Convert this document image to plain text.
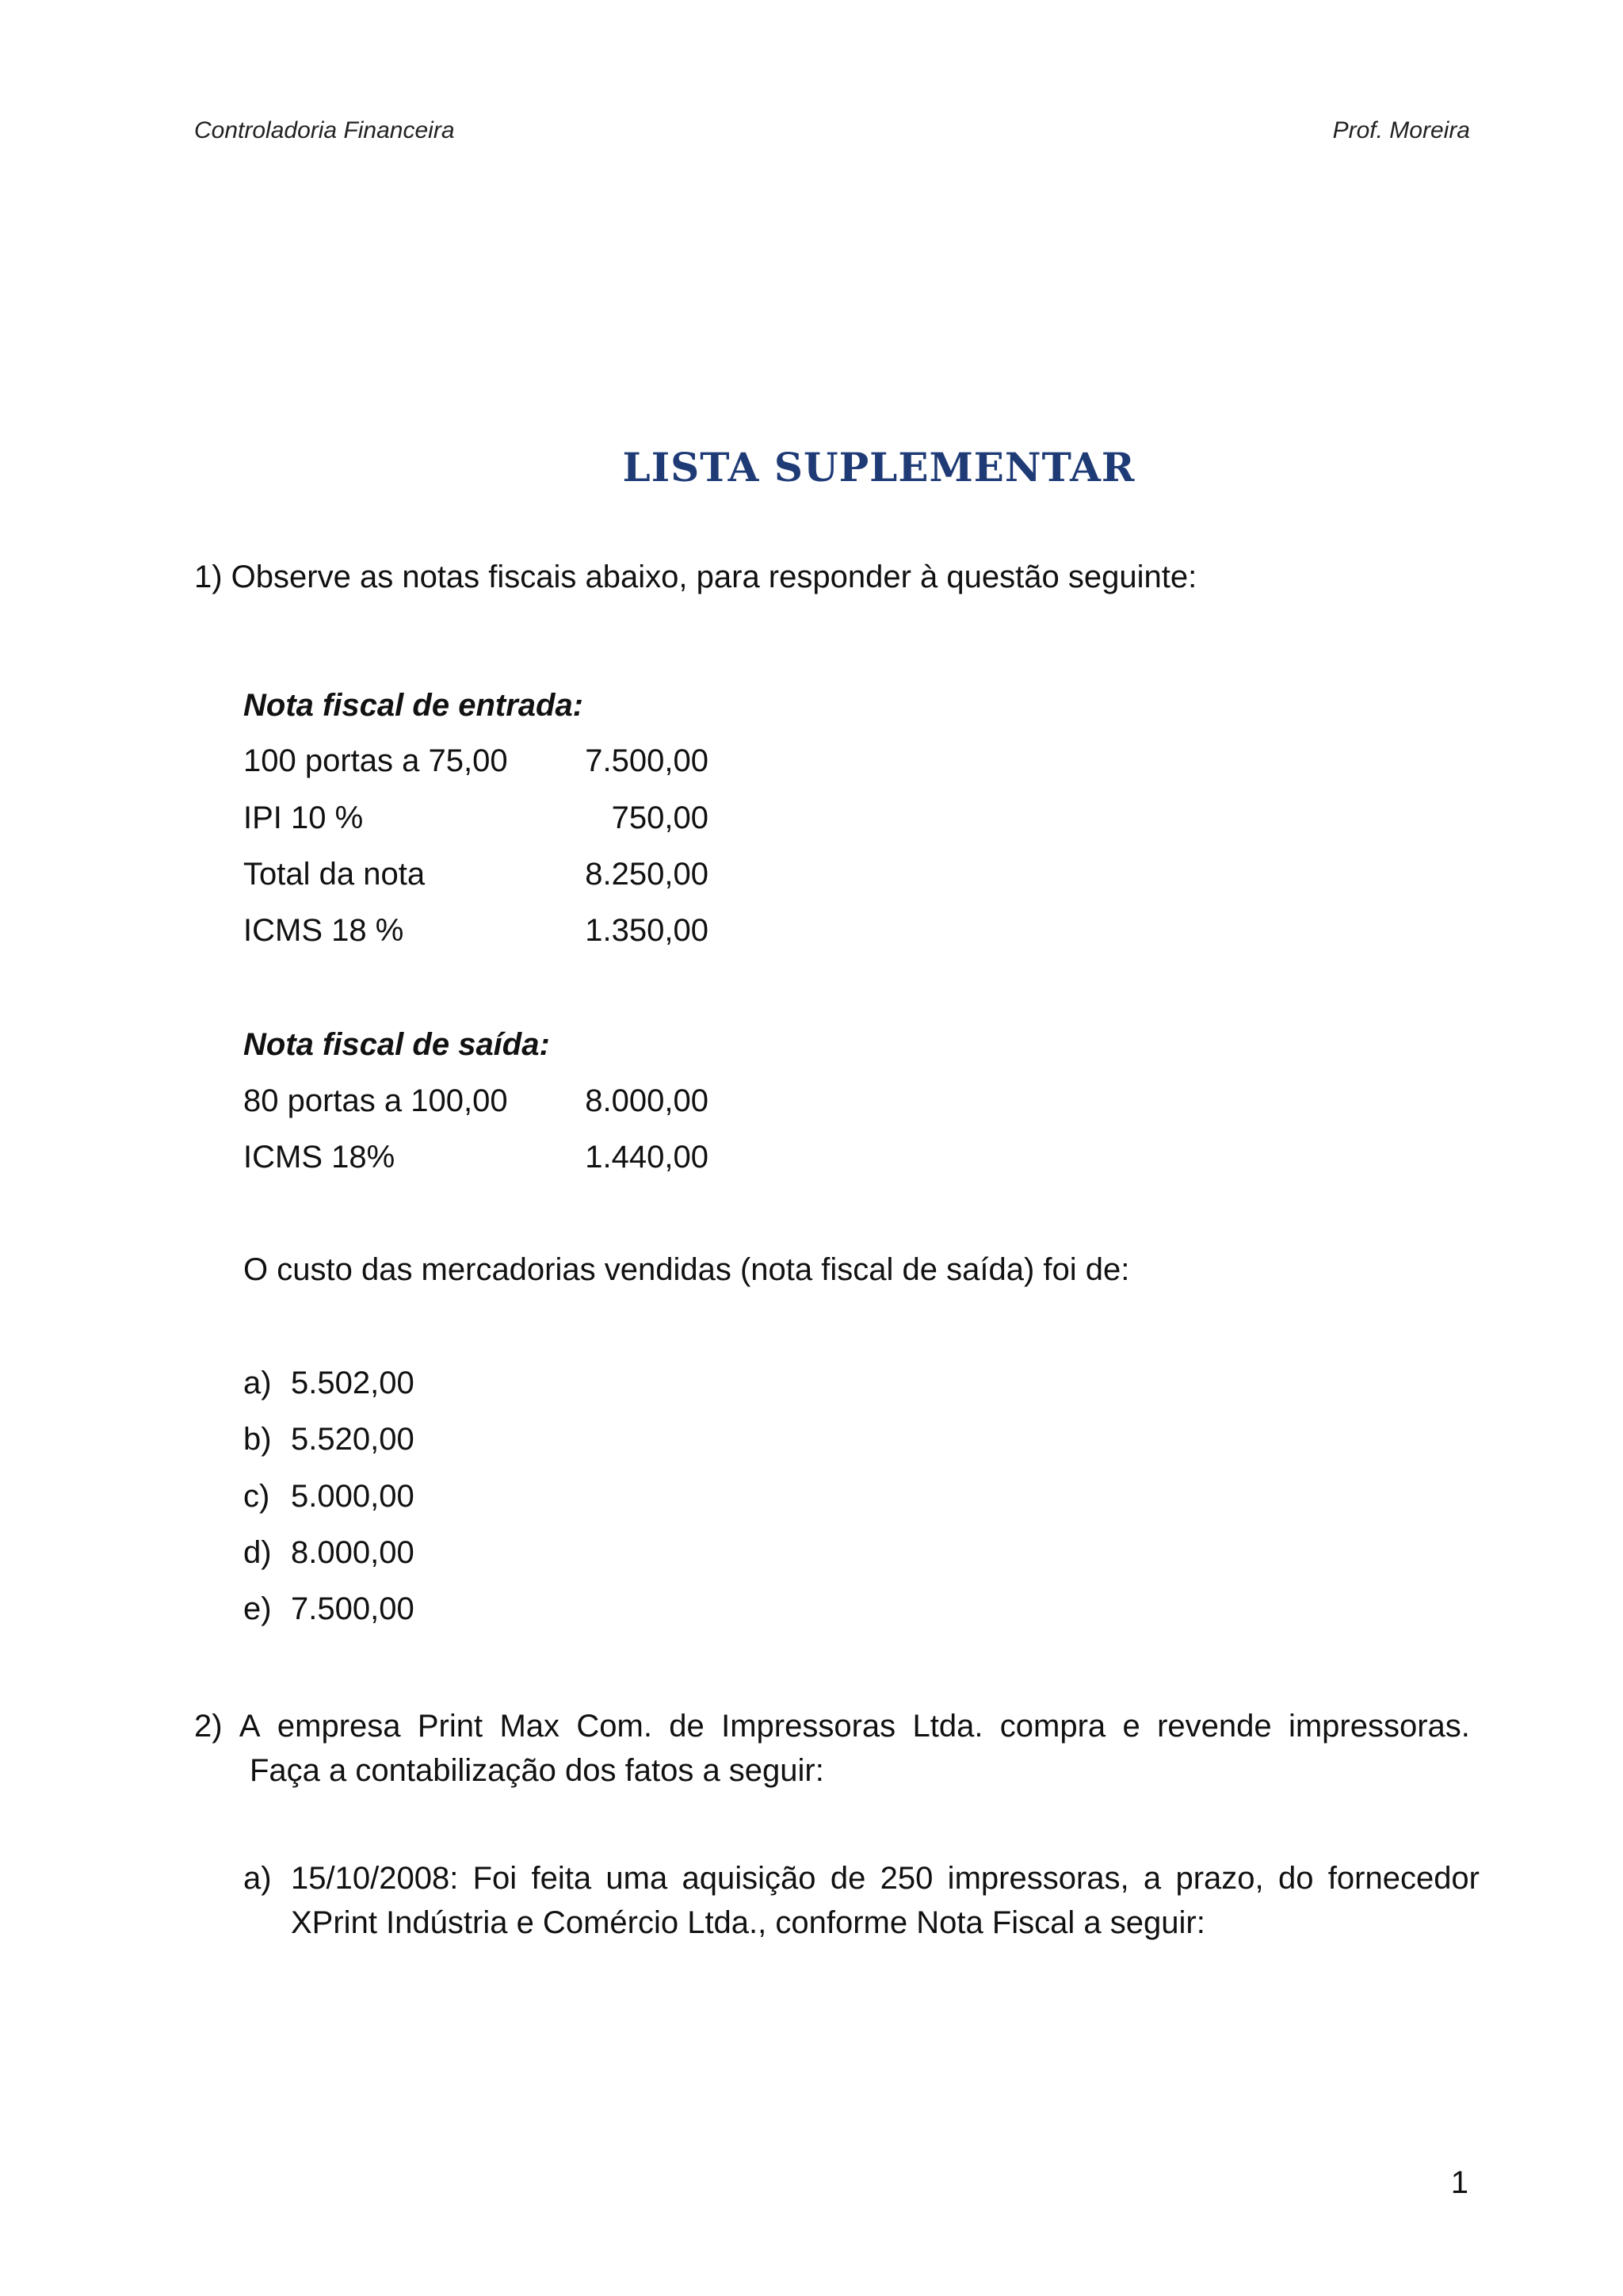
Controladoria Financeira	Prof. Moreira
LISTA SUPLEMENTAR
1) Observe as notas fiscais abaixo, para responder à questão seguinte:
Nota fiscal de entrada:
100 portas a 75,00 7.500,00
IPI 10 %	750,00
Total da nota	8.250,00
ICMS 18 %	1.350,00
Nota fiscal de saída:
80 portas a 100,00 8.000,00
ICMS 18%	1.440,00
O custo das mercadorias vendidas (nota fiscal de saída) foi de:
a) 5.502,00
b) 5.520,00
c) 5.000,00
d) 8.000,00
e) 7.500,00
2) A empresa Print Max Com. de Impressoras Ltda. compra e revende impressoras.
Faça a contabilização dos fatos a seguir:
a) 15/10/2008: Foi feita uma aquisição de 250 impressoras, a prazo, do fornecedor XPrint Indústria e Comércio Ltda., conforme Nota Fiscal a seguir:
1
